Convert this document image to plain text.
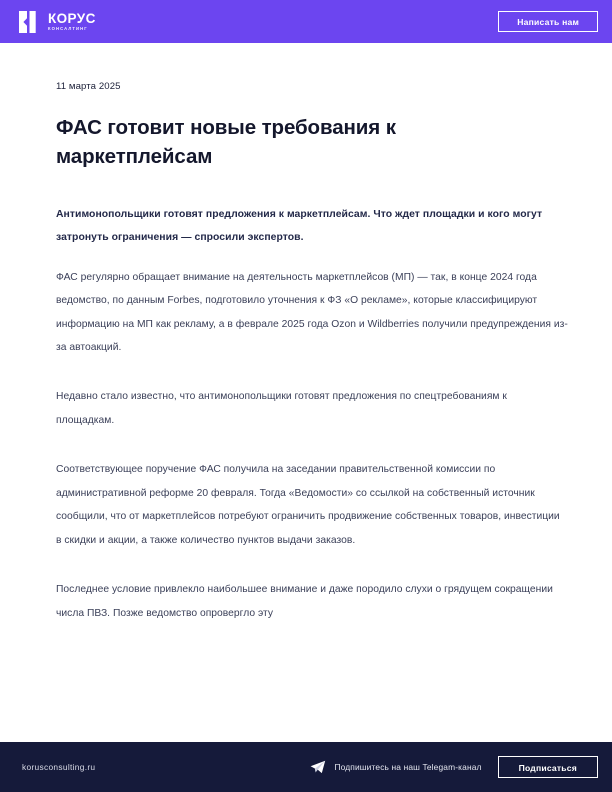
КОРУС
КОНСАЛТИНГ
Написать нам
11 марта 2025
ФАС готовит новые требования к маркетплейсам

Антимонопольщики готовят предложения к маркетплейсам. Что ждет площадки и кого могут затронуть ограничения — спросили экспертов.

ФАС регулярно обращает внимание на деятельность маркетплейсов (МП) — так, в конце 2024 года ведомство, по данным Forbes, подготовило уточнения к ФЗ «О рекламе», которые классифицируют информацию на МП как рекламу, а в феврале 2025 года Ozon и Wildberries получили предупреждения из-за автоакций.

Недавно стало известно, что антимонопольщики готовят предложения по спецтребованиям к площадкам.

Соответствующее поручение ФАС получила на заседании правительственной комиссии по административной реформе 20 февраля. Тогда «Ведомости» со ссылкой на собственный источник сообщили, что от маркетплейсов потребуют ограничить продвижение собственных товаров, инвестиции в скидки и акции, а также количество пунктов выдачи заказов.

Последнее условие привлекло наибольшее внимание и даже породило слухи о грядущем сокращении числа ПВЗ. Позже ведомство опровергло эту

korusconsulting.ru	Подпишитесь на наш Telegam-канал	Подписаться
